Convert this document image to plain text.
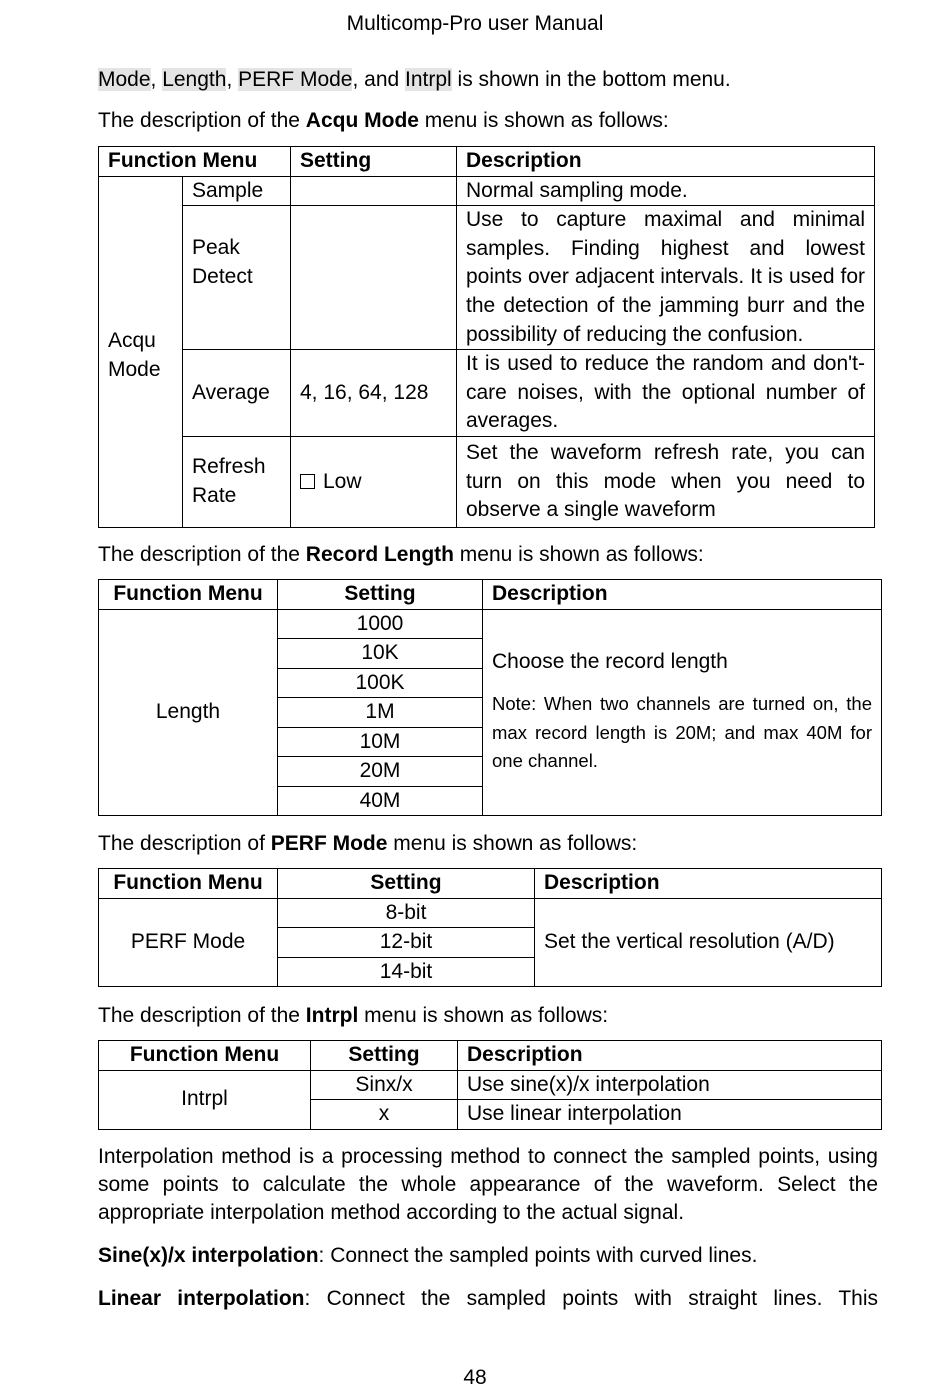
Multicomp-Pro user Manual
Mode, Length, PERF Mode, and Intrpl is shown in the bottom menu.
The description of the Acqu Mode menu is shown as follows:
Function Menu		Setting	Description
Acqu Mode	Sample		Normal sampling mode.
	Peak Detect		Use to capture maximal and minimal samples. Finding highest and lowest points over adjacent intervals. It is used for the detection of the jamming burr and the possibility of reducing the confusion.
	Average	4, 16, 64, 128	It is used to reduce the random and don't-care noises, with the optional number of averages.
	Refresh Rate	Low	Set the waveform refresh rate, you can turn on this mode when you need to observe a single waveform
The description of the Record Length menu is shown as follows:
Function Menu	Setting	Description
Length	1000	Choose the record length
Note: When two channels are turned on, the max record length is 20M; and max 40M for one channel.

	10K	
	100K	
	1M	
	10M	
	20M	
	40M	
The description of PERF Mode menu is shown as follows:
Function Menu	Setting	Description
PERF Mode	8-bit	Set the vertical resolution (A/D)
	12-bit	
	14-bit	
The description of the Intrpl menu is shown as follows:
Function Menu	Setting	Description
Intrpl	Sinx/x	Use sine(x)/x interpolation
	x	Use linear interpolation
Interpolation method is a processing method to connect the sampled points, using some points to calculate the whole appearance of the waveform. Select the appropriate interpolation method according to the actual signal.
Sine(x)/x interpolation: Connect the sampled points with curved lines.
Linear interpolation: Connect the sampled points with straight lines. This
48
